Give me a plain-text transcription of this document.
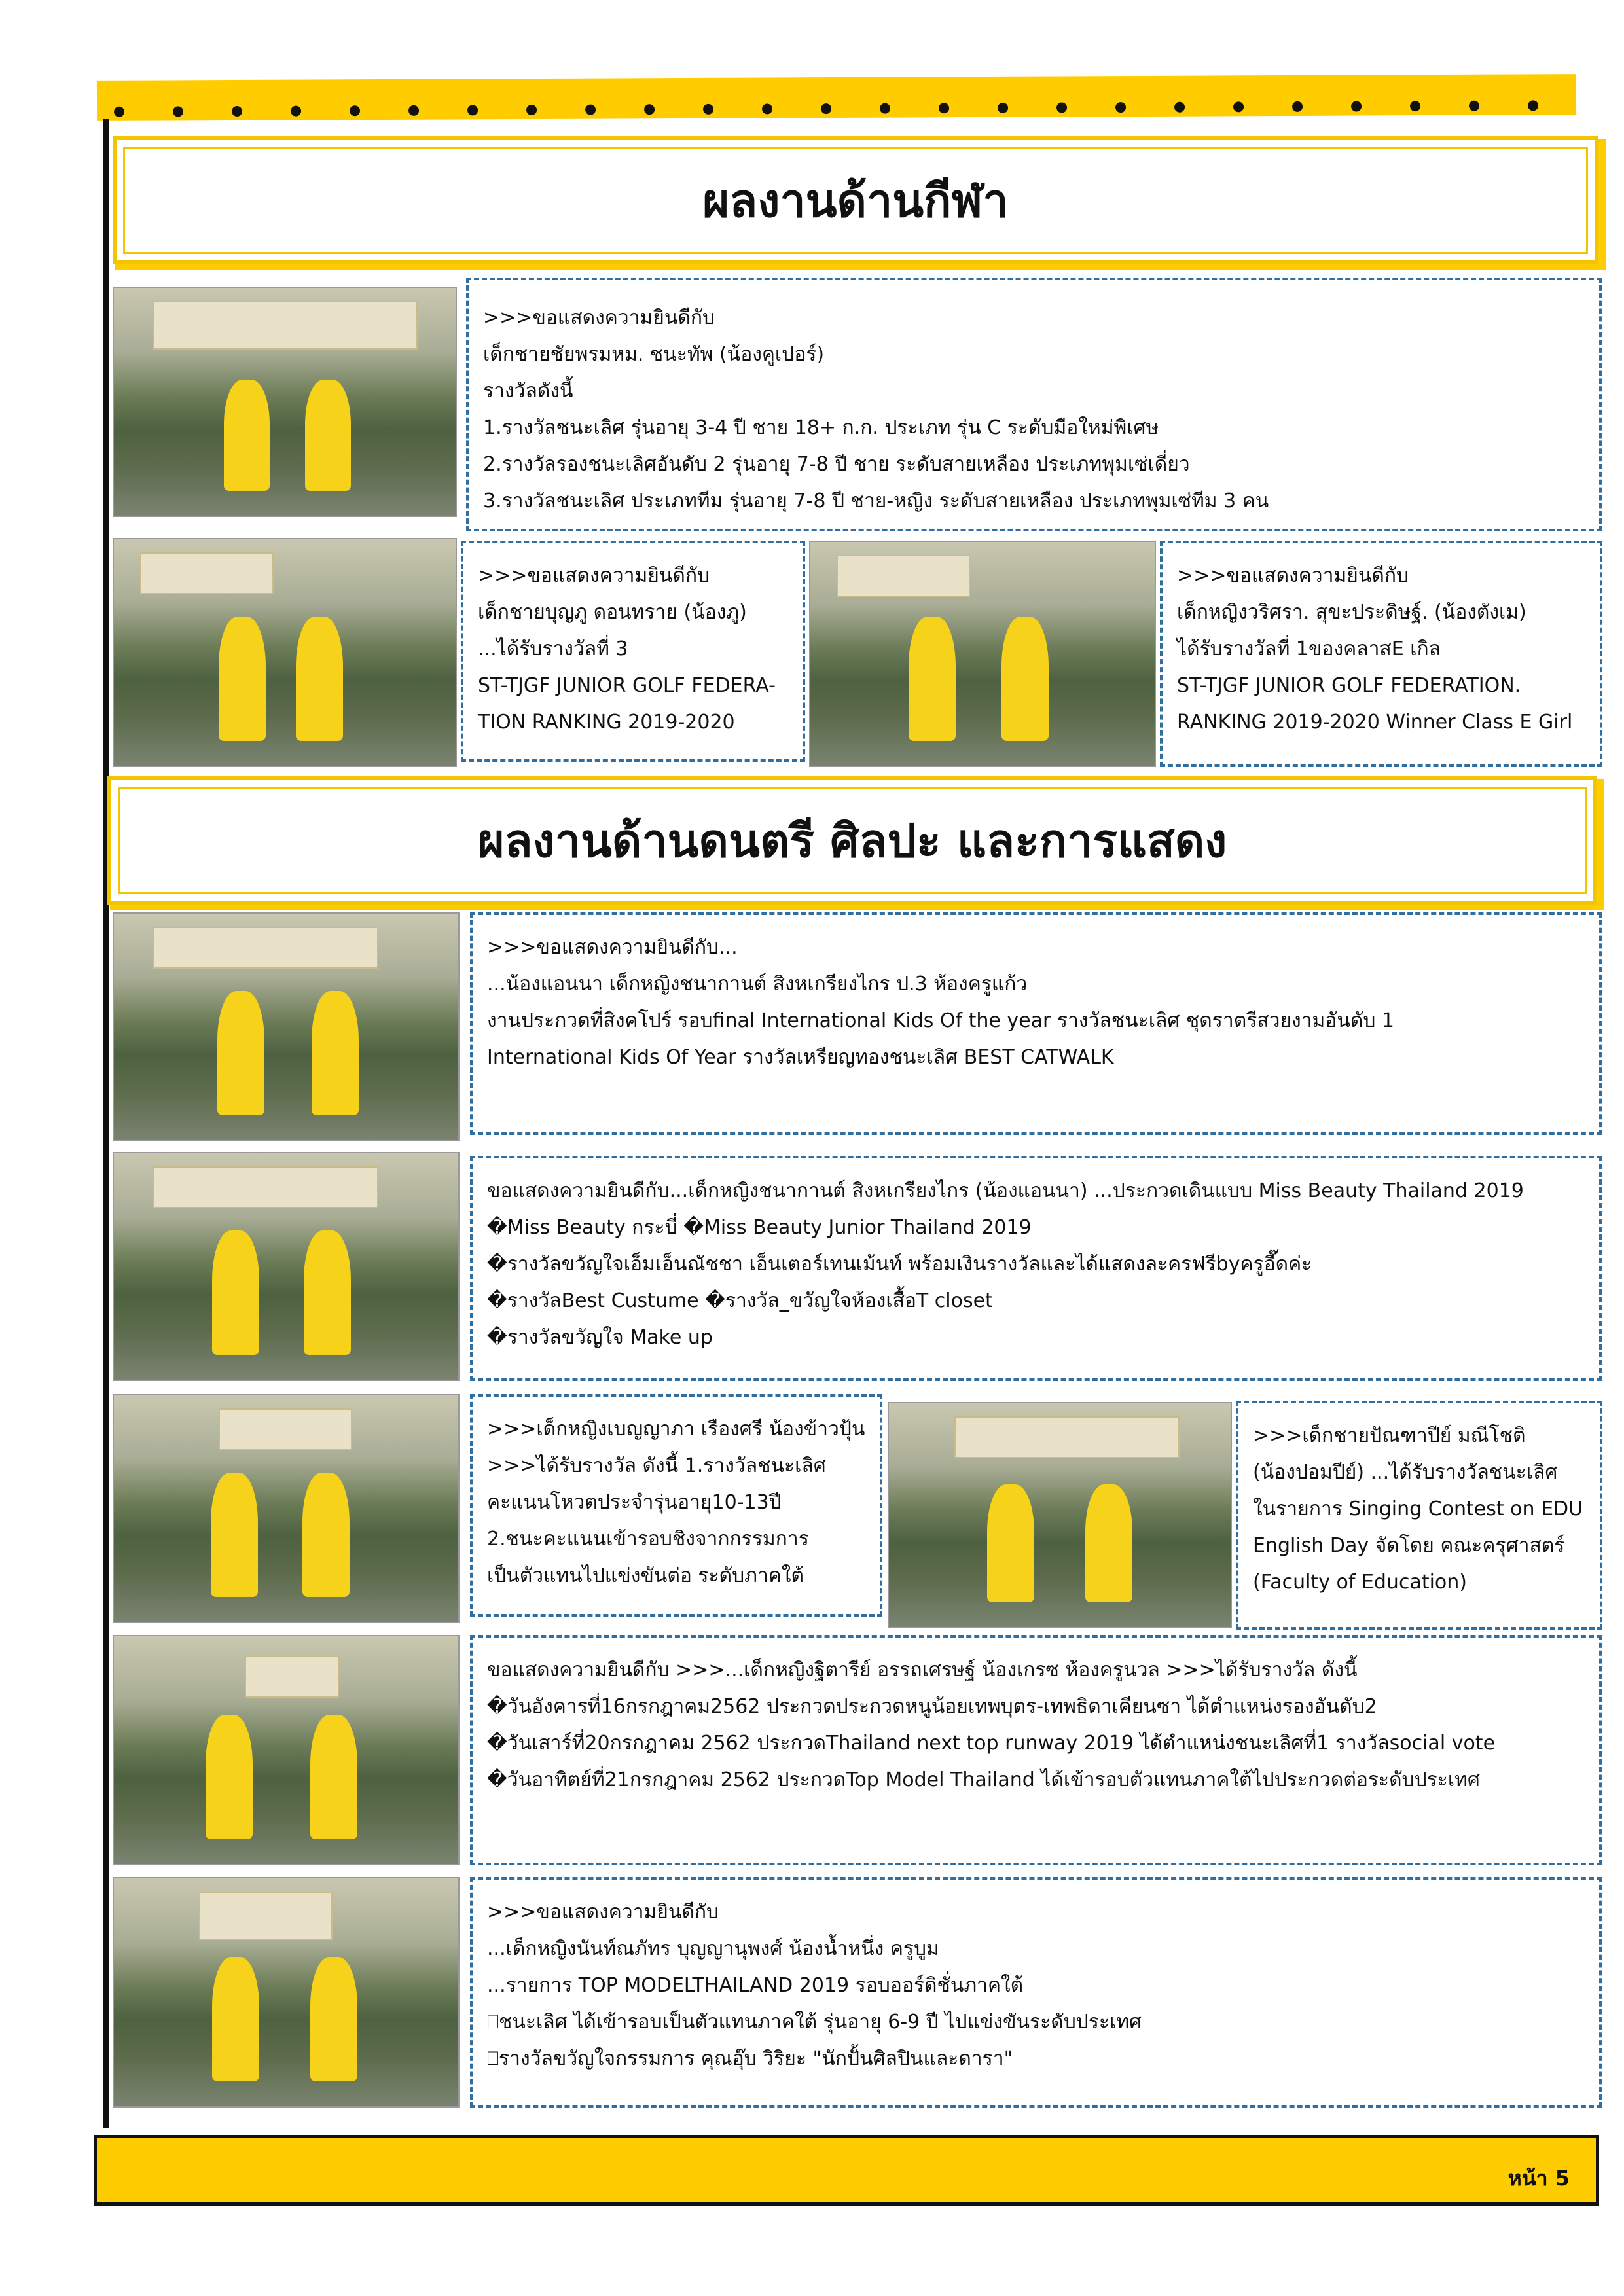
ผลงานด้านกีฬา

>>>ขอแสดงความยินดีกับ

เด็กชายชัยพรมหม. ชนะทัพ (น้องคูเปอร์)

รางวัลดังนี้

1.รางวัลชนะเลิศ รุ่นอายุ 3-4 ปี ชาย 18+ ก.ก. ประเภท รุ่น C ระดับมือใหม่พิเศษ

2.รางวัลรองชนะเลิศอันดับ 2 รุ่นอายุ 7-8 ปี ชาย ระดับสายเหลือง ประเภทพุมเซ่เดี่ยว

3.รางวัลชนะเลิศ ประเภททีม รุ่นอายุ 7-8 ปี ชาย-หญิง ระดับสายเหลือง ประเภทพุมเซ่ทีม 3 คน

>>>ขอแสดงความยินดีกับ

เด็กชายบุญภู ดอนทราย (น้องภู)

...ได้รับรางวัลที่ 3

ST-TJGF JUNIOR GOLF FEDERA-

TION RANKING 2019-2020

>>>ขอแสดงความยินดีกับ

เด็กหญิงวริศรา. สุขะประดิษฐ์. (น้องตังเม)

ได้รับรางวัลที่ 1ของคลาสE เกิล

ST-TJGF JUNIOR GOLF FEDERATION.

RANKING 2019-2020 Winner Class E Girl

ผลงานด้านดนตรี ศิลปะ และการแสดง

>>>ขอแสดงความยินดีกับ...

...น้องแอนนา เด็กหญิงชนากานต์ สิงหเกรียงไกร ป.3 ห้องครูแก้ว

งานประกวดที่สิงคโปร์ รอบfinal International Kids Of the year รางวัลชนะเลิศ ชุดราตรีสวยงามอันดับ 1

International Kids Of Year รางวัลเหรียญทองชนะเลิศ BEST CATWALK

ขอแสดงความยินดีกับ...เด็กหญิงชนากานต์ สิงหเกรียงไกร (น้องแอนนา) ...ประกวดเดินแบบ Miss Beauty Thailand 2019

�Miss Beauty กระบี่ �Miss Beauty Junior Thailand 2019

�รางวัลขวัญใจเอ็มเอ็นณัชชา เอ็นเตอร์เทนเม้นท์ พร้อมเงินรางวัลและได้แสดงละครฟรีbyครูอี๊ดค่ะ

�รางวัลBest Custume �รางวัล_ขวัญใจห้องเสื้อT closet

�รางวัลขวัญใจ Make up

>>>เด็กหญิงเบญญาภา เรืองศรี น้องข้าวปุ้น

>>>ได้รับรางวัล ดังนี้ 1.รางวัลชนะเลิศ

คะแนนโหวตประจำรุ่นอายุ10-13ปี

2.ชนะคะแนนเข้ารอบชิงจากกรรมการ

เป็นตัวแทนไปแข่งขันต่อ ระดับภาคใต้

>>>เด็กชายปัณฑาปีย์ มณีโชติ

(น้องปอมปีย์) ...ได้รับรางวัลชนะเลิศ

ในรายการ Singing Contest on EDU

English Day จัดโดย คณะครุศาสตร์

(Faculty of Education)

ขอแสดงความยินดีกับ >>>...เด็กหญิงฐิตารีย์ อรรถเศรษฐ์ น้องเกรซ ห้องครูนวล >>>ได้รับรางวัล ดังนี้

�วันอังคารที่16กรกฎาคม2562 ประกวดประกวดหนูน้อยเทพบุตร-เทพธิดาเคียนซา ได้ตำแหน่งรองอันดับ2

�วันเสาร์ที่20กรกฎาคม 2562 ประกวดThailand next top runway 2019 ได้ตำแหน่งชนะเลิศที่1 รางวัลsocial vote

�วันอาทิตย์ที่21กรกฎาคม 2562 ประกวดTop Model Thailand ได้เข้ารอบตัวแทนภาคใต้ไปประกวดต่อระดับประเทศ

>>>ขอแสดงความยินดีกับ

...เด็กหญิงนันท์ณภัทร บุญญานุพงศ์ น้องน้ำหนึ่ง ครูบูม

...รายการ TOP MODELTHAILAND 2019 รอบออร์ดิชั่นภาคใต้

⎕ชนะเลิศ ได้เข้ารอบเป็นตัวแทนภาคใต้ รุ่นอายุ 6-9 ปี ไปแข่งขันระดับประเทศ

⎕รางวัลขวัญใจกรรมการ คุณอุ๊บ วิริยะ "นักปั้นศิลปินและดารา"

หน้า 5
